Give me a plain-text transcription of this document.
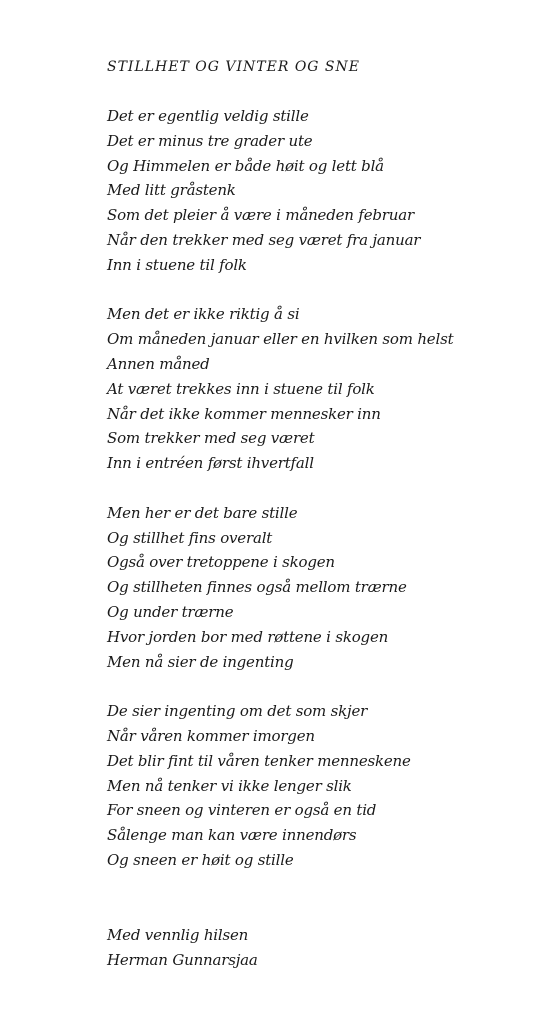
STILLHET OG VINTER OG SNE
Det er egentlig veldig stille
Det er minus tre grader ute
Og Himmelen er både høit og lett blå
Med litt gråstenk
Som det pleier å være i måneden februar
Når den trekker med seg været fra januar
Inn i stuene til folk
Men det er ikke riktig å si
Om måneden januar eller en hvilken som helst
Annen måned
At været trekkes inn i stuene til folk
Når det ikke kommer mennesker inn
Som trekker med seg været
Inn i entréen først ihvertfall
Men her er det bare stille
Og stillhet fins overalt
Også over tretoppene i skogen
Og stillheten finnes også mellom trærne
Og under trærne
Hvor jorden bor med røttene i skogen
Men nå sier de ingenting
De sier ingenting om det som skjer
Når våren kommer imorgen
Det blir fint til våren tenker menneskene
Men nå tenker vi ikke lenger slik
For sneen og vinteren er også en tid
Sålenge man kan være innendørs
Og sneen er høit og stille
Med vennlig hilsen
Herman Gunnarsjaa
